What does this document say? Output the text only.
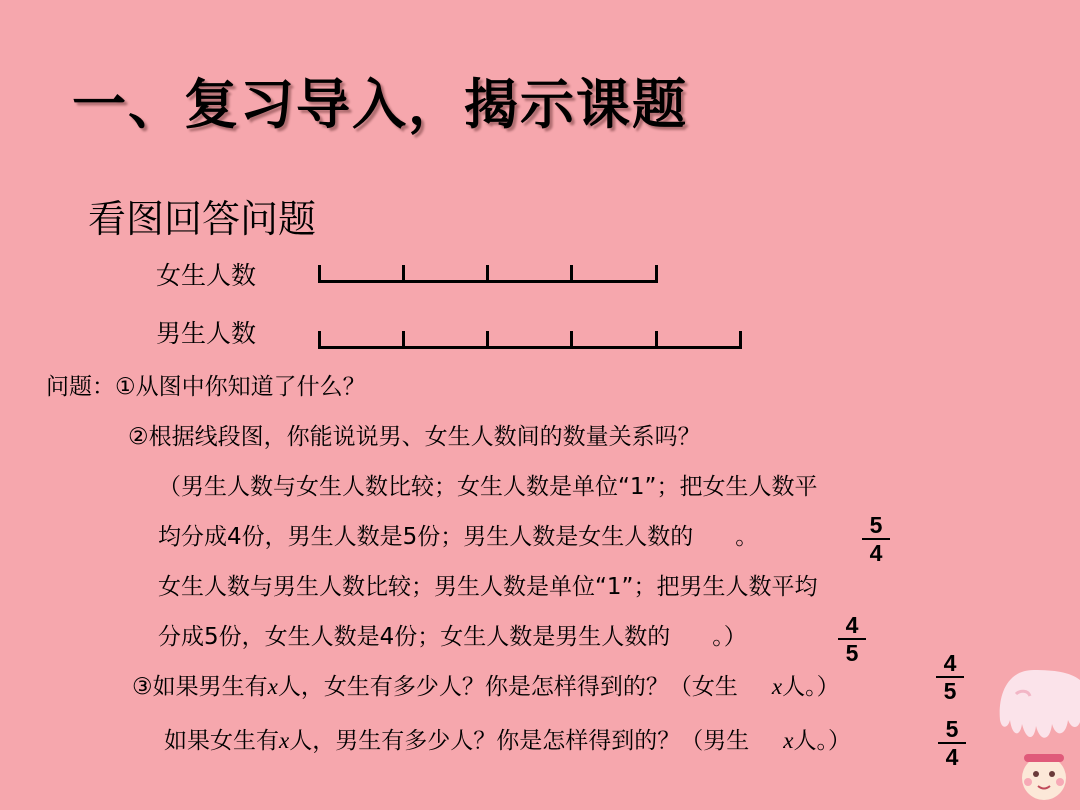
一、复习导入，揭示课题
看图回答问题
女生人数
男生人数
问题：①从图中你知道了什么？
②根据线段图，你能说说男、女生人数间的数量关系吗？
（男生人数与女生人数比较；女生人数是单位“1”；把女生人数平
均分成4份，男生人数是5份；男生人数是女生人数的 。	$\frac{5}{4}$
女生人数与男生人数比较；男生人数是单位“1”；把男生人数平均
分成5份，女生人数是4份；女生人数是男生人数的 。）	$\frac{4}{5}$
③如果男生有x人，女生有多少人？你是怎样得到的？（女生 x人。）	$\frac{4}{5}$
如果女生有x人，男生有多少人？你是怎样得到的？（男生 x人。）	$\frac{5}{4}$
